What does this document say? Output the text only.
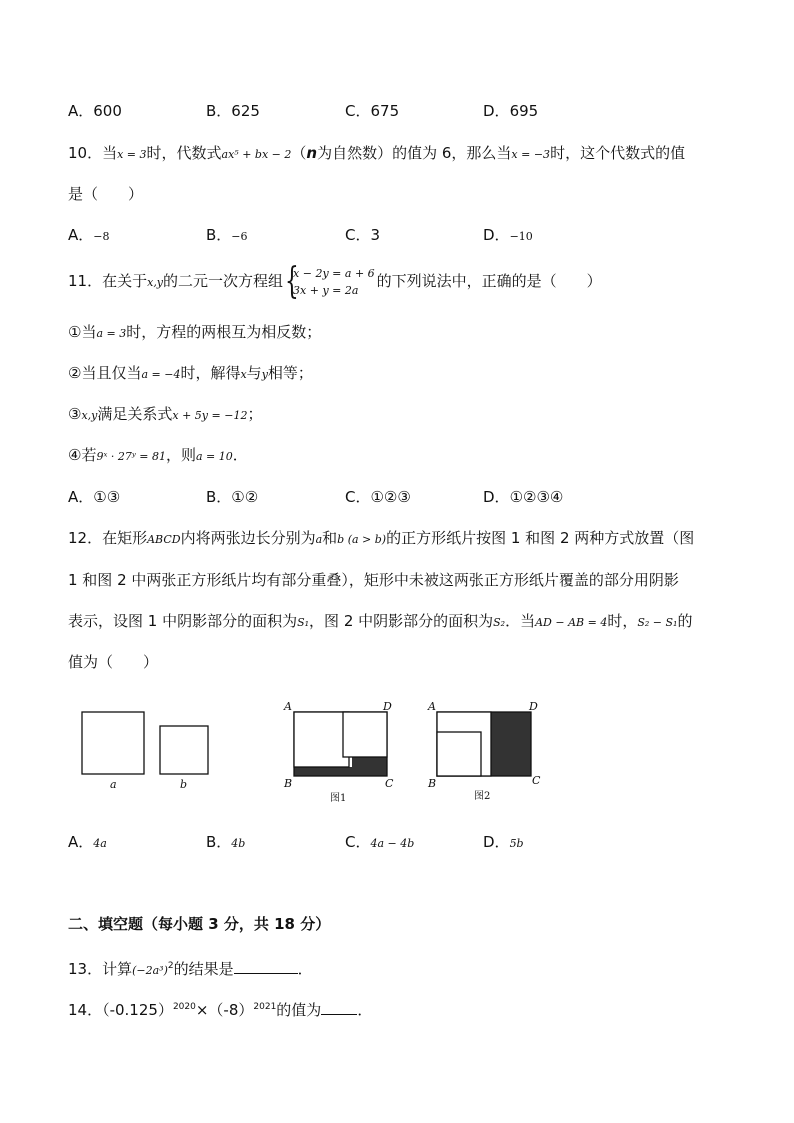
A．600	B．625	C．675	D．695
10．当x = 3时，代数式ax⁵ + bx − 2（n为自然数）的值为 6，那么当x = −3时，这个代数式的值
是（　　）
A．−8	B．−6	C．3	D．−10
11．在关于x,y的二元一次方程组 {
x − 2y = a + 6
3x + y = 2a	的下列说法中，正确的是（　　）
①当a = 3时，方程的两根互为相反数；
②当且仅当a = −4时，解得x与y相等；
③x,y满足关系式x + 5y = −12；
④若9ˣ · 27ʸ = 81，则a = 10．
A．①③	B．①②	C．①②③	D．①②③④
12．在矩形ABCD内将两张边长分别为a和b (a > b)的正方形纸片按图 1 和图 2 两种方式放置（图
1 和图 2 中两张正方形纸片均有部分重叠），矩形中未被这两张正方形纸片覆盖的部分用阴影
表示，设图 1 中阴影部分的面积为S₁，图 2 中阴影部分的面积为S₂．当AD − AB = 4时，S₂ − S₁的
值为（　　）
a	b
A	D
B	C
图1
A	D
B	C
图2
A．4a	B．4b	C．4a − 4b	D．5b
二、填空题（每小题 3 分，共 18 分）
13．计算$(-2a^3)^2$的结果是	．
14．$(-0.125)^{2020}\times(-8)^{2021}$的值为 ．
